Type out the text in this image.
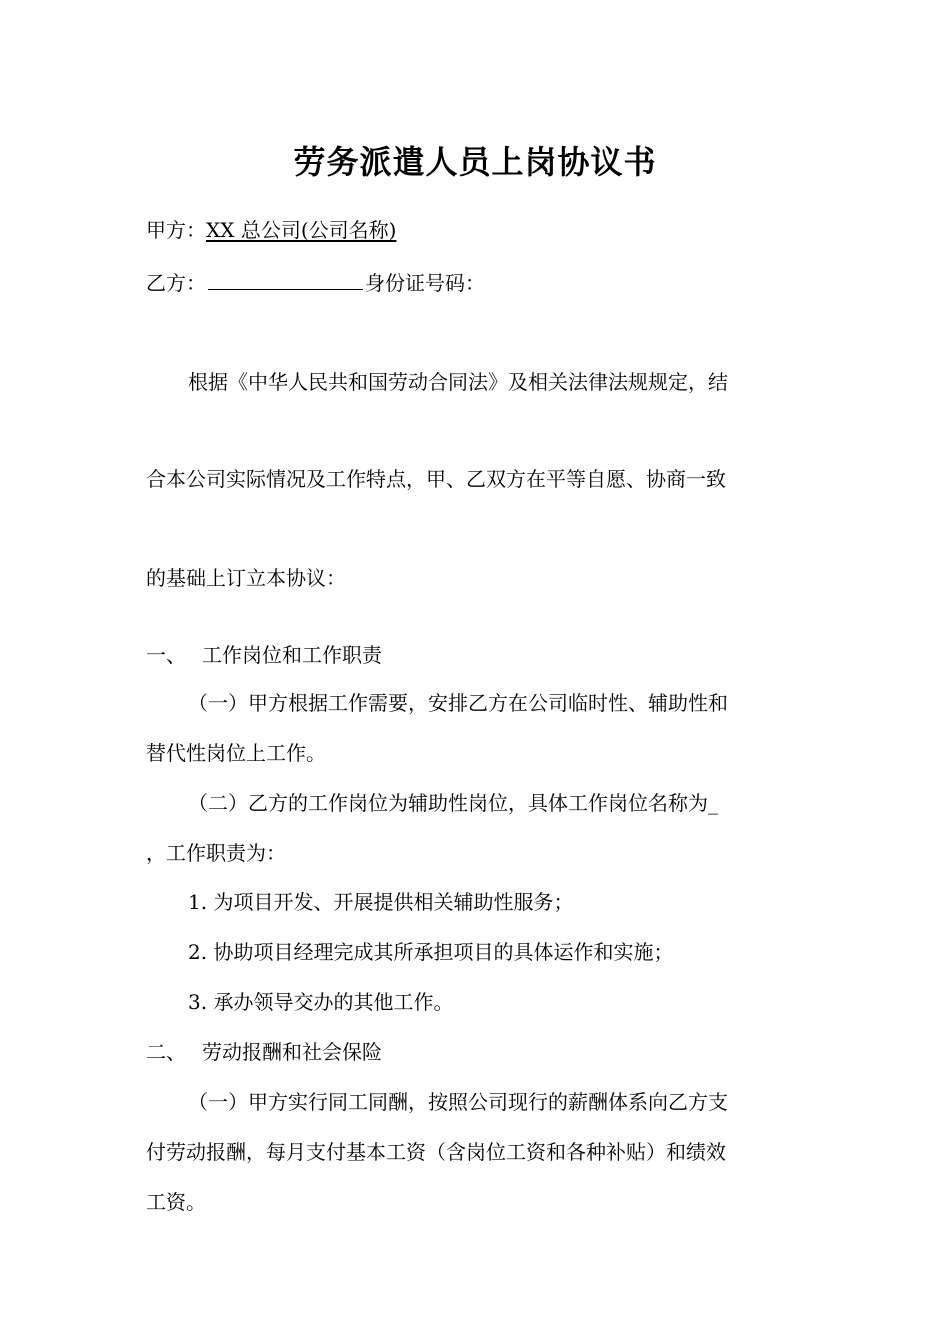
劳务派遣人员上岗协议书
甲方：XX 总公司(公司名称)
乙方：	身份证号码：
根据《中华人民共和国劳动合同法》及相关法律法规规定，结
合本公司实际情况及工作特点，甲、乙双方在平等自愿、协商一致
的基础上订立本协议：
一、 工作岗位和工作职责
（一）甲方根据工作需要，安排乙方在公司临时性、辅助性和
替代性岗位上工作。
（二）乙方的工作岗位为辅助性岗位，具体工作岗位名称为_
，工作职责为：
1. 为项目开发、开展提供相关辅助性服务；
2. 协助项目经理完成其所承担项目的具体运作和实施；
3. 承办领导交办的其他工作。
二、 劳动报酬和社会保险
（一）甲方实行同工同酬，按照公司现行的薪酬体系向乙方支
付劳动报酬，每月支付基本工资（含岗位工资和各种补贴）和绩效
工资。
